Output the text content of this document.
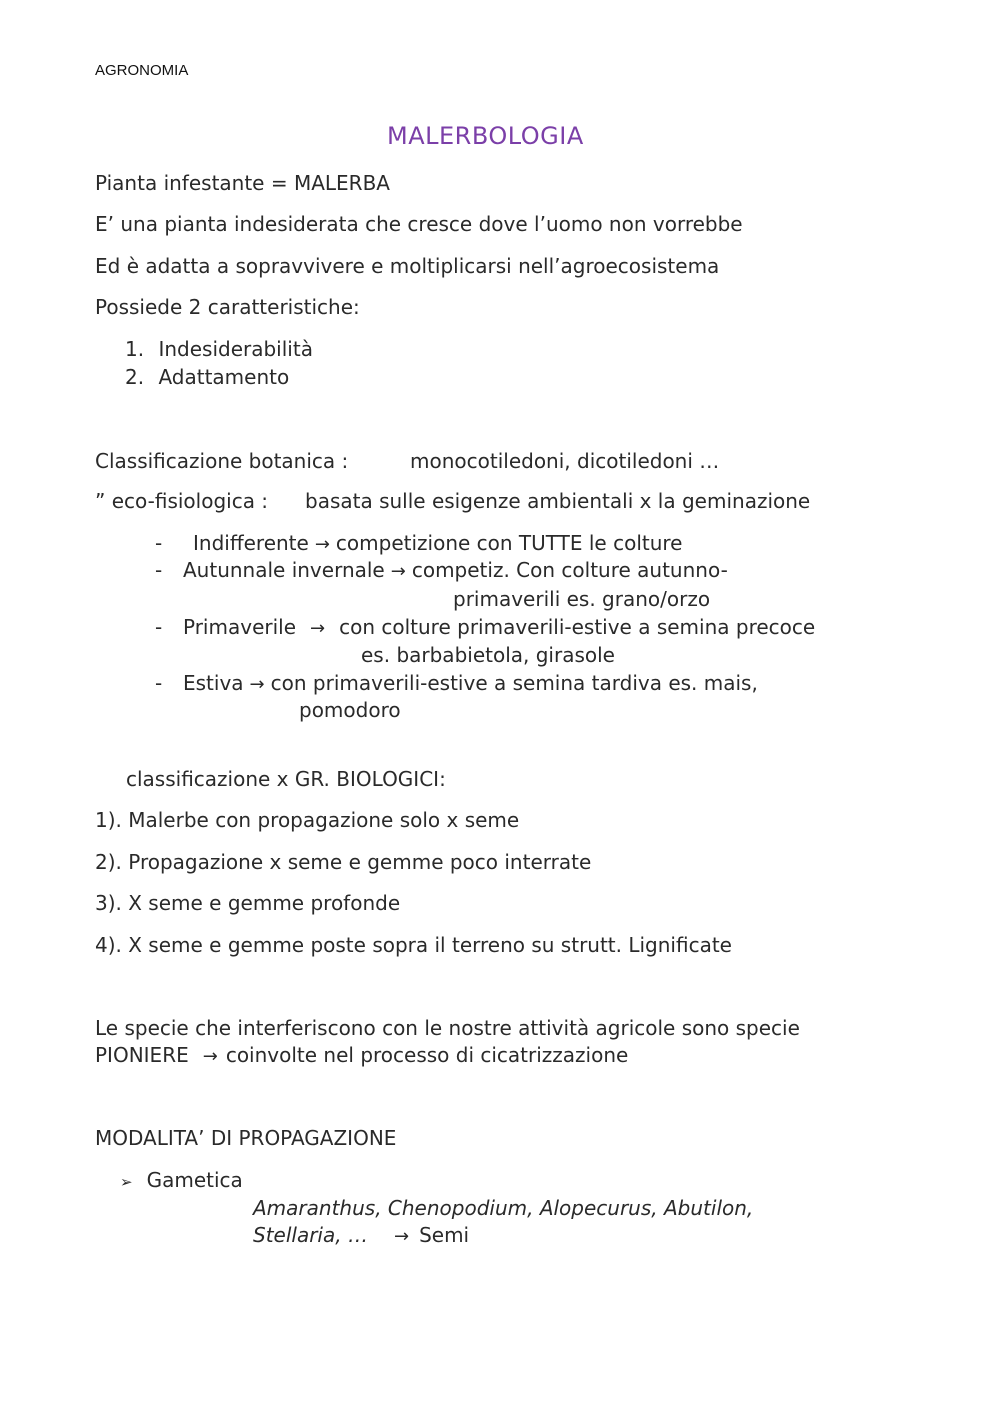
AGRONOMIA
MALERBOLOGIA
Pianta infestante = MALERBA
E’ una pianta indesiderata che cresce dove l’uomo non vorrebbe
Ed è adatta a sopravvivere e moltiplicarsi nell’agroecosistema
Possiede 2 caratteristiche:
1. Indesiderabilità
2. Adattamento
Classificazione botanica :	monocotiledoni, dicotiledoni …
” eco-fisiologica : basata sulle esigenze ambientali x la geminazione
- Indifferente → competizione con TUTTE le colture
- Autunnale invernale → competiz. Con colture autunno-
primaverili es. grano/orzo
- Primaverile → con colture primaverili-estive a semina precoce
es. barbabietola, girasole
- Estiva → con primaverili-estive a semina tardiva es. mais,
pomodoro
classificazione x GR. BIOLOGICI:
1). Malerbe con propagazione solo x seme
2). Propagazione x seme e gemme poco interrate
3). X seme e gemme profonde
4). X seme e gemme poste sopra il terreno su strutt. Lignificate
Le specie che interferiscono con le nostre attività agricole sono specie
PIONIERE → coinvolte nel processo di cicatrizzazione
MODALITA’ DI PROPAGAZIONE
➢ Gametica
Amaranthus, Chenopodium, Alopecurus, Abutilon,
Stellaria, … → Semi
